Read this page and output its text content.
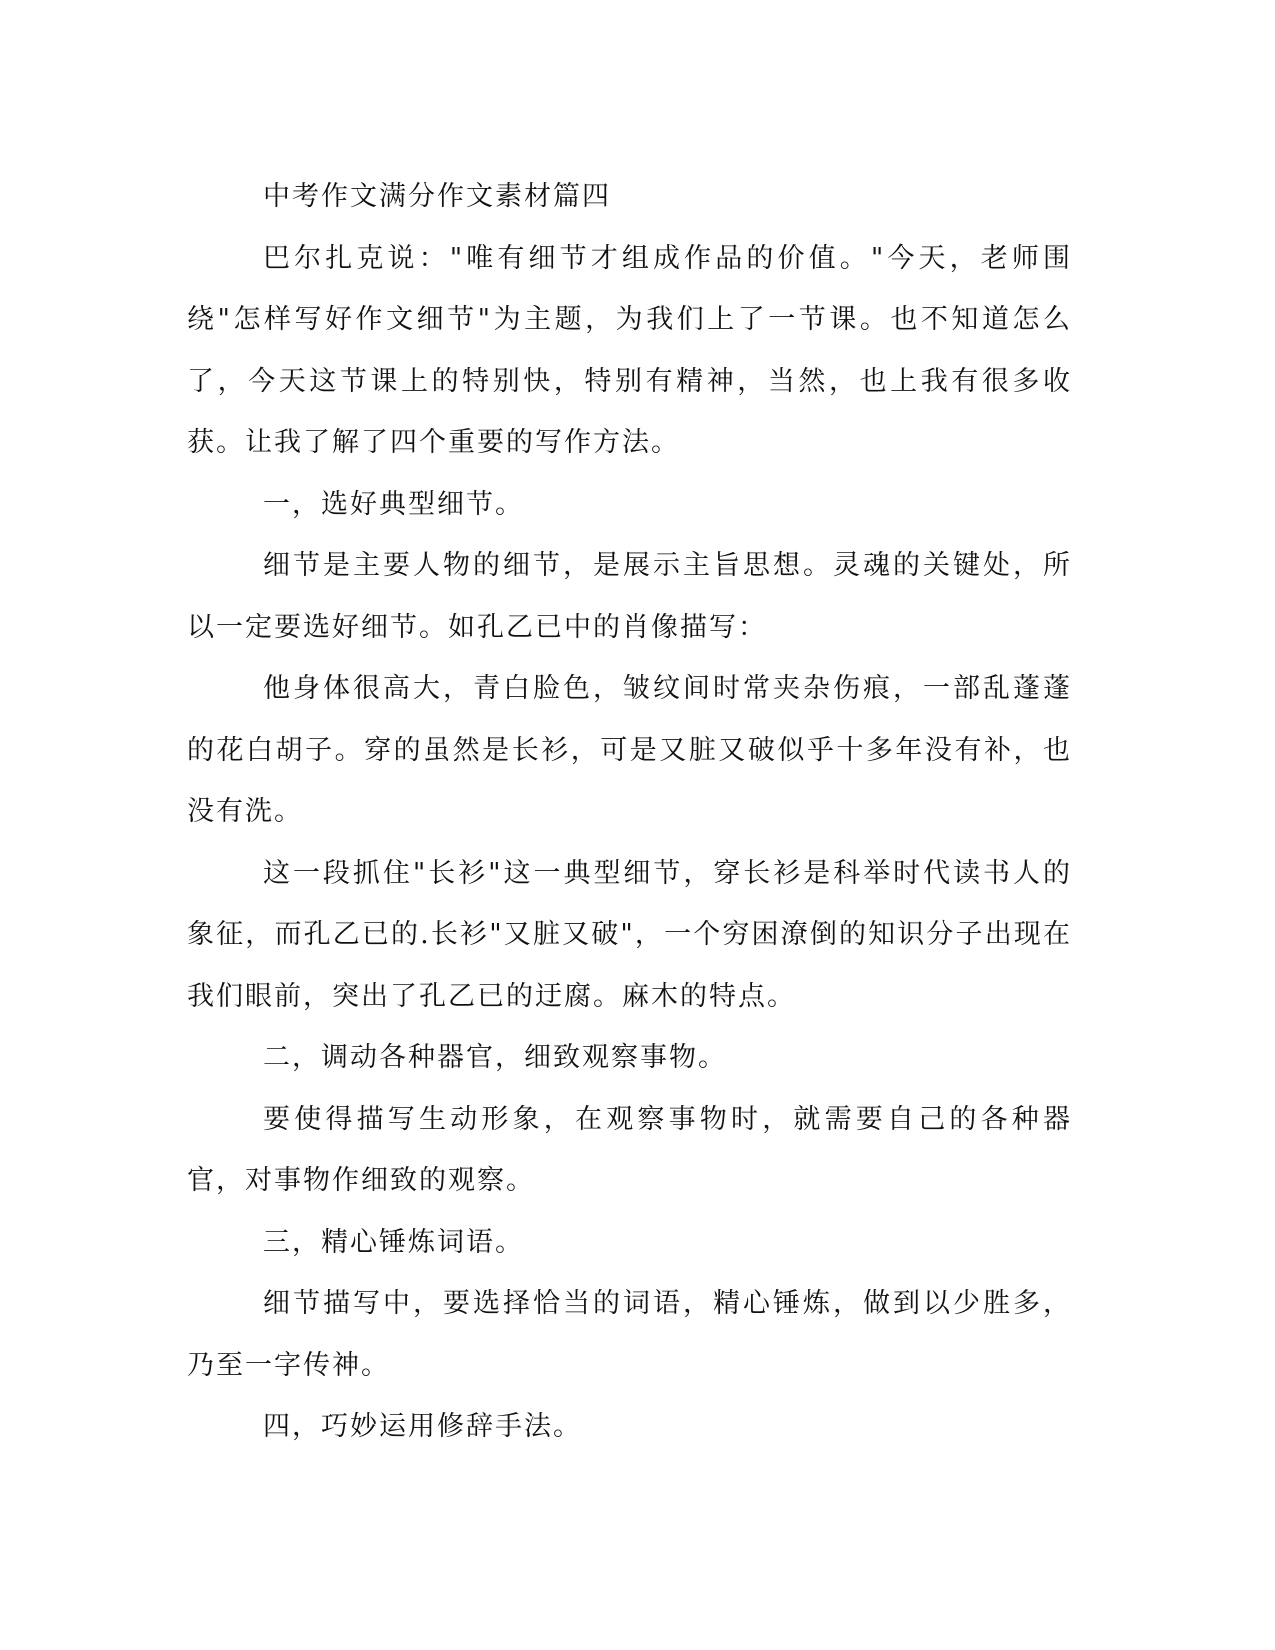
中考作文满分作文素材篇四

巴尔扎克说："唯有细节才组成作品的价值。"今天，老师围绕"怎样写好作文细节"为主题，为我们上了一节课。也不知道怎么了，今天这节课上的特别快，特别有精神，当然，也上我有很多收获。让我了解了四个重要的写作方法。

一，选好典型细节。

细节是主要人物的细节，是展示主旨思想。灵魂的关键处，所以一定要选好细节。如孔乙已中的肖像描写：

他身体很高大，青白脸色，皱纹间时常夹杂伤痕，一部乱蓬蓬的花白胡子。穿的虽然是长衫，可是又脏又破似乎十多年没有补，也没有洗。

这一段抓住"长衫"这一典型细节，穿长衫是科举时代读书人的象征，而孔乙已的.长衫"又脏又破"，一个穷困潦倒的知识分子出现在我们眼前，突出了孔乙已的迂腐。麻木的特点。

二，调动各种器官，细致观察事物。

要使得描写生动形象，在观察事物时，就需要自己的各种器官，对事物作细致的观察。

三，精心锤炼词语。

细节描写中，要选择恰当的词语，精心锤炼，做到以少胜多，乃至一字传神。

四，巧妙运用修辞手法。
